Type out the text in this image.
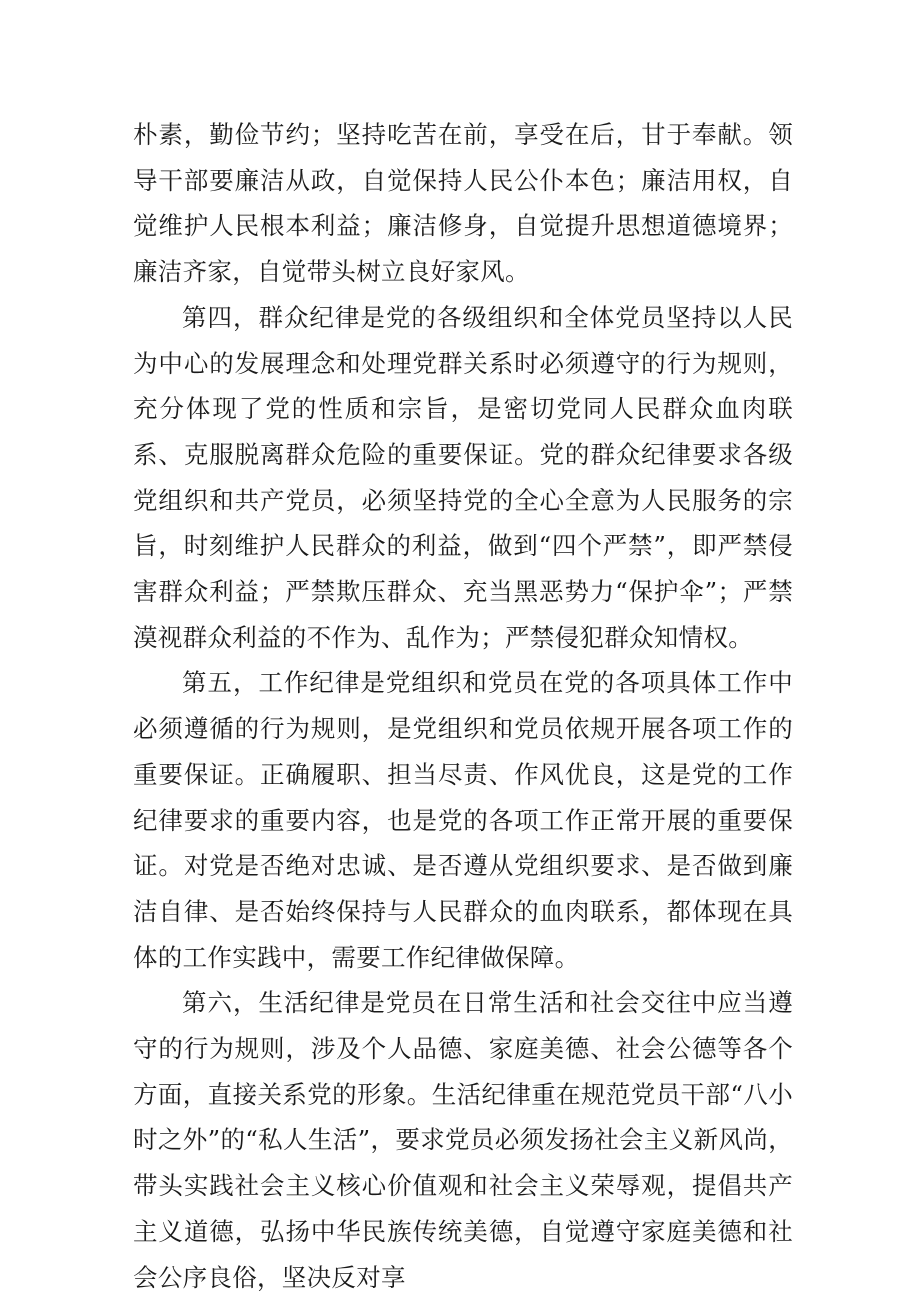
朴素，勤俭节约；坚持吃苦在前，享受在后，甘于奉献。领导干部要廉洁从政，自觉保持人民公仆本色；廉洁用权，自觉维护人民根本利益；廉洁修身，自觉提升思想道德境界；廉洁齐家，自觉带头树立良好家风。

第四，群众纪律是党的各级组织和全体党员坚持以人民为中心的发展理念和处理党群关系时必须遵守的行为规则，充分体现了党的性质和宗旨，是密切党同人民群众血肉联系、克服脱离群众危险的重要保证。党的群众纪律要求各级党组织和共产党员，必须坚持党的全心全意为人民服务的宗旨，时刻维护人民群众的利益，做到“四个严禁”，即严禁侵害群众利益；严禁欺压群众、充当黑恶势力“保护伞”；严禁漠视群众利益的不作为、乱作为；严禁侵犯群众知情权。

第五，工作纪律是党组织和党员在党的各项具体工作中必须遵循的行为规则，是党组织和党员依规开展各项工作的重要保证。正确履职、担当尽责、作风优良，这是党的工作纪律要求的重要内容，也是党的各项工作正常开展的重要保证。对党是否绝对忠诚、是否遵从党组织要求、是否做到廉洁自律、是否始终保持与人民群众的血肉联系，都体现在具体的工作实践中，需要工作纪律做保障。

第六，生活纪律是党员在日常生活和社会交往中应当遵守的行为规则，涉及个人品德、家庭美德、社会公德等各个方面，直接关系党的形象。生活纪律重在规范党员干部“八小时之外”的“私人生活”，要求党员必须发扬社会主义新风尚，带头实践社会主义核心价值观和社会主义荣辱观，提倡共产主义道德，弘扬中华民族传统美德，自觉遵守家庭美德和社会公序良俗，坚决反对享
